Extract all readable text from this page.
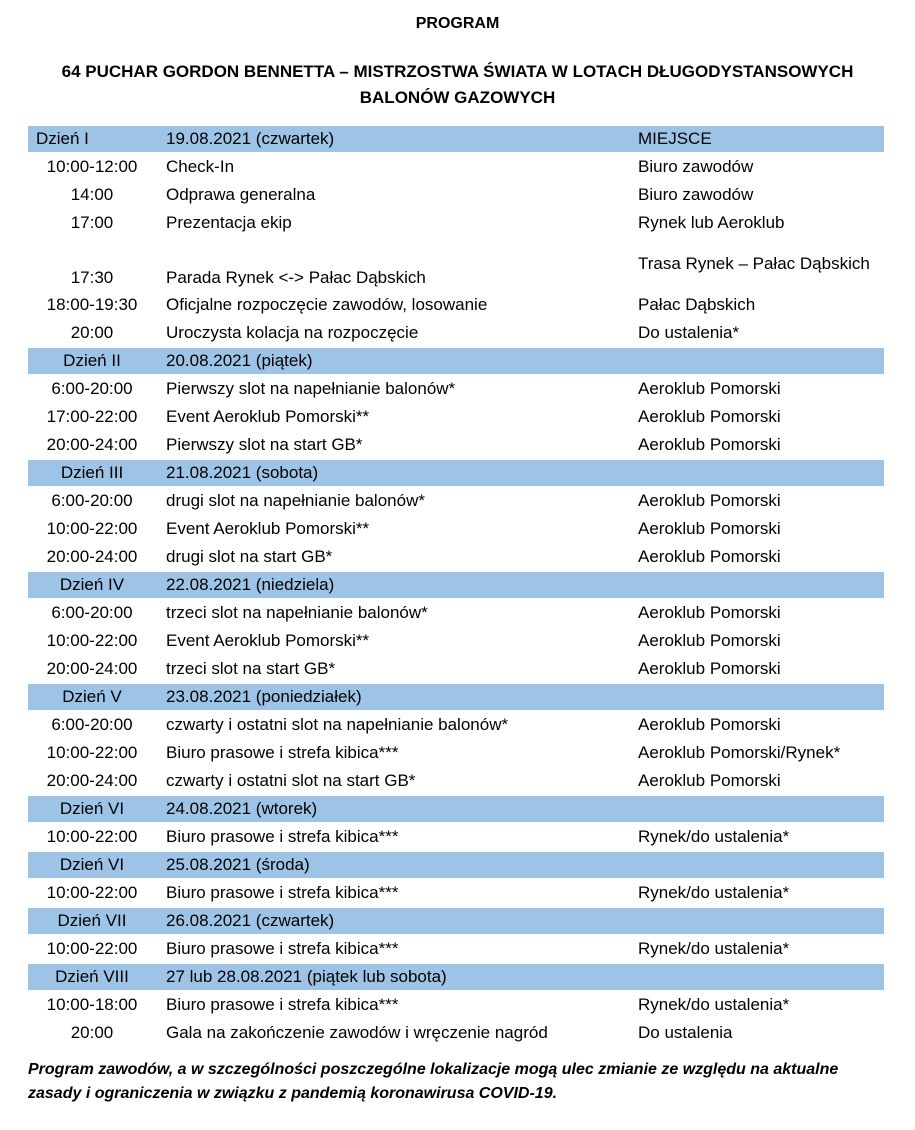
PROGRAM
64 PUCHAR GORDON BENNETTA – MISTRZOSTWA ŚWIATA W LOTACH DŁUGODYSTANSOWYCH
BALONÓW GAZOWYCH
Dzień I	19.08.2021 (czwartek)	MIEJSCE
10:00-12:00	Check-In	Biuro zawodów
14:00	Odprawa generalna	Biuro zawodów
17:00	Prezentacja ekip	Rynek lub Aeroklub
17:30	Parada Rynek <-> Pałac Dąbskich	Trasa Rynek – Pałac Dąbskich
18:00-19:30	Oficjalne rozpoczęcie zawodów, losowanie	Pałac Dąbskich
20:00	Uroczysta kolacja na rozpoczęcie	Do ustalenia*
Dzień II	20.08.2021 (piątek)	
6:00-20:00	Pierwszy slot na napełnianie balonów*	Aeroklub Pomorski
17:00-22:00	Event Aeroklub Pomorski**	Aeroklub Pomorski
20:00-24:00	Pierwszy slot na start GB*	Aeroklub Pomorski
Dzień III	21.08.2021 (sobota)	
6:00-20:00	drugi slot na napełnianie balonów*	Aeroklub Pomorski
10:00-22:00	Event Aeroklub Pomorski**	Aeroklub Pomorski
20:00-24:00	drugi slot na start GB*	Aeroklub Pomorski
Dzień IV	22.08.2021 (niedziela)	
6:00-20:00	trzeci slot na napełnianie balonów*	Aeroklub Pomorski
10:00-22:00	Event Aeroklub Pomorski**	Aeroklub Pomorski
20:00-24:00	trzeci slot na start GB*	Aeroklub Pomorski
Dzień V	23.08.2021 (poniedziałek)	
6:00-20:00	czwarty i ostatni slot na napełnianie balonów*	Aeroklub Pomorski
10:00-22:00	Biuro prasowe i strefa kibica***	Aeroklub Pomorski/Rynek*
20:00-24:00	czwarty i ostatni slot na start GB*	Aeroklub Pomorski
Dzień VI	24.08.2021 (wtorek)	
10:00-22:00	Biuro prasowe i strefa kibica***	Rynek/do ustalenia*
Dzień VI	25.08.2021 (środa)	
10:00-22:00	Biuro prasowe i strefa kibica***	Rynek/do ustalenia*
Dzień VII	26.08.2021 (czwartek)	
10:00-22:00	Biuro prasowe i strefa kibica***	Rynek/do ustalenia*
Dzień VIII	27 lub 28.08.2021 (piątek lub sobota)	
10:00-18:00	Biuro prasowe i strefa kibica***	Rynek/do ustalenia*
20:00	Gala na zakończenie zawodów i wręczenie nagród	Do ustalenia
Program zawodów, a w szczególności poszczególne lokalizacje mogą ulec zmianie ze względu na aktualne zasady i ograniczenia w związku z pandemią koronawirusa COVID-19.
